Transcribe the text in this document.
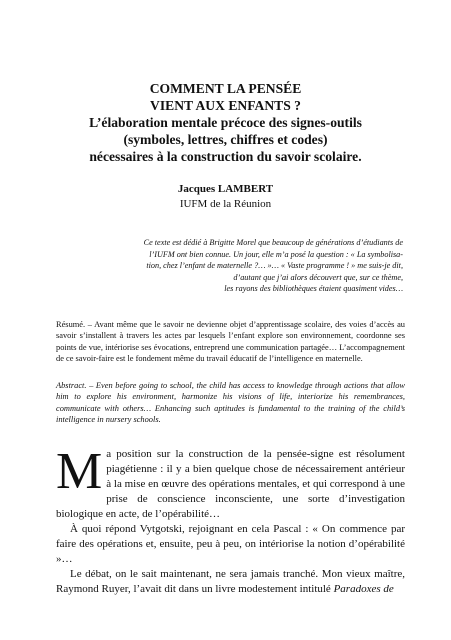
COMMENT LA PENSÉE
VIENT AUX ENFANTS ?
L’élaboration mentale précoce des signes-outils
(symboles, lettres, chiffres et codes)
nécessaires à la construction du savoir scolaire.
Jacques LAMBERT
IUFM de la Réunion
Ce texte est dédié à Brigitte Morel que beaucoup de générations d’étudiants de
l’IUFM ont bien connue. Un jour, elle m’a posé la question : « La symbolisa-
tion, chez l’enfant de maternelle ?… »… « Vaste programme ! » me suis-je dit,
d’autant que j’ai alors découvert que, sur ce thème,
les rayons des bibliothèques étaient quasiment vides…
Résumé. – Avant même que le savoir ne devienne objet d’apprentissage scolaire, des voies d’accès au savoir s’installent à travers les actes par lesquels l’enfant explore son environnement, coordonne ses points de vue, intériorise ses évocations, entreprend une communication partagée… L’accompagnement de ce savoir-faire est le fondement même du travail éducatif de l’intelligence en maternelle.
Abstract. – Even before going to school, the child has access to knowledge through actions that allow him to explore his environment, harmonize his visions of life, interiorize his remembrances, communicate with others… Enhancing such aptitudes is fundamental to the training of the child’s intelligence in nursery schools.

Ma position sur la construction de la pensée-signe est résolument piagétienne : il y a bien quelque chose de nécessairement antérieur à la mise en œuvre des opérations mentales, et qui correspond à une prise de conscience inconsciente, une sorte d’investigation biologique en acte, de l’opérabilité…

À quoi répond Vytgotski, rejoignant en cela Pascal : « On commence par faire des opérations et, ensuite, peu à peu, on intériorise la notion d’opérabilité »…

Le débat, on le sait maintenant, ne sera jamais tranché. Mon vieux maître, Raymond Ruyer, l’avait dit dans un livre modestement intitulé Paradoxes de
